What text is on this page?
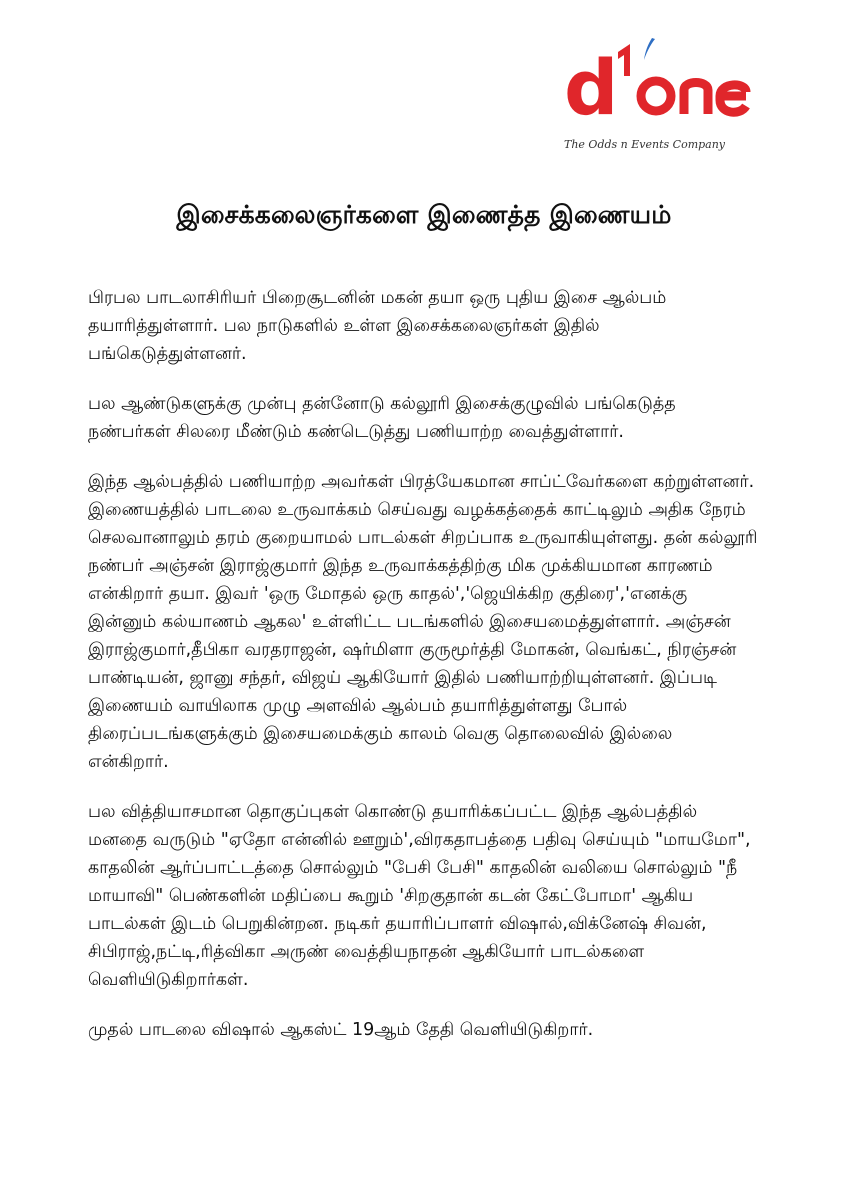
d
The Odds n Events Company
இசைக்கலைஞர்களை இணைத்த இணையம்

பிரபல பாடலாசிரியர் பிறைசூடனின் மகன் தயா ஒரு புதிய இசை ஆல்பம் தயாரித்துள்ளார். பல நாடுகளில் உள்ள இசைக்கலைஞர்கள் இதில் பங்கெடுத்துள்ளனர்.

பல ஆண்டுகளுக்கு முன்பு தன்னோடு கல்லூரி இசைக்குழுவில் பங்கெடுத்த நண்பர்கள் சிலரை மீண்டும் கண்டெடுத்து பணியாற்ற வைத்துள்ளார்.

இந்த ஆல்பத்தில் பணியாற்ற அவர்கள் பிரத்யேகமான சாப்ட்வேர்களை கற்றுள்ளனர். இணையத்தில் பாடலை உருவாக்கம் செய்வது வழக்கத்தைக் காட்டிலும் அதிக நேரம் செலவானாலும் தரம் குறையாமல் பாடல்கள் சிறப்பாக உருவாகியுள்ளது. தன் கல்லூரி நண்பர் அஞ்சன் இராஜ்குமார் இந்த உருவாக்கத்திற்கு மிக முக்கியமான காரணம் என்கிறார் தயா. இவர் 'ஒரு மோதல் ஒரு காதல்','ஜெயிக்கிற குதிரை','எனக்கு இன்னும் கல்யாணம் ஆகல' உள்ளிட்ட படங்களில் இசையமைத்துள்ளார். அஞ்சன் இராஜ்குமார்,தீபிகா வரதராஜன், ஷர்மிளா குருமூர்த்தி மோகன், வெங்கட், நிரஞ்சன் பாண்டியன், ஜானு சந்தர், விஜய் ஆகியோர் இதில் பணியாற்றியுள்ளனர். இப்படி இணையம் வாயிலாக முழு அளவில் ஆல்பம் தயாரித்துள்ளது போல் திரைப்படங்களுக்கும் இசையமைக்கும் காலம் வெகு தொலைவில் இல்லை என்கிறார்.

பல வித்தியாசமான தொகுப்புகள் கொண்டு தயாரிக்கப்பட்ட இந்த ஆல்பத்தில் மனதை வருடும் "ஏதோ என்னில் ஊறும்',விரகதாபத்தை பதிவு செய்யும் "மாயமோ", காதலின் ஆர்ப்பாட்டத்தை சொல்லும் "பேசி பேசி" காதலின் வலியை சொல்லும் "நீ மாயாவி" பெண்களின் மதிப்பை கூறும் 'சிறகுதான் கடன் கேட்போமா' ஆகிய பாடல்கள் இடம் பெறுகின்றன. நடிகர் தயாரிப்பாளர் விஷால்,விக்னேஷ் சிவன், சிபிராஜ்,நட்டி,ரித்விகா அருண் வைத்தியநாதன் ஆகியோர் பாடல்களை வெளியிடுகிறார்கள்.

முதல் பாடலை விஷால் ஆகஸ்ட் 19ஆம் தேதி வெளியிடுகிறார்.
